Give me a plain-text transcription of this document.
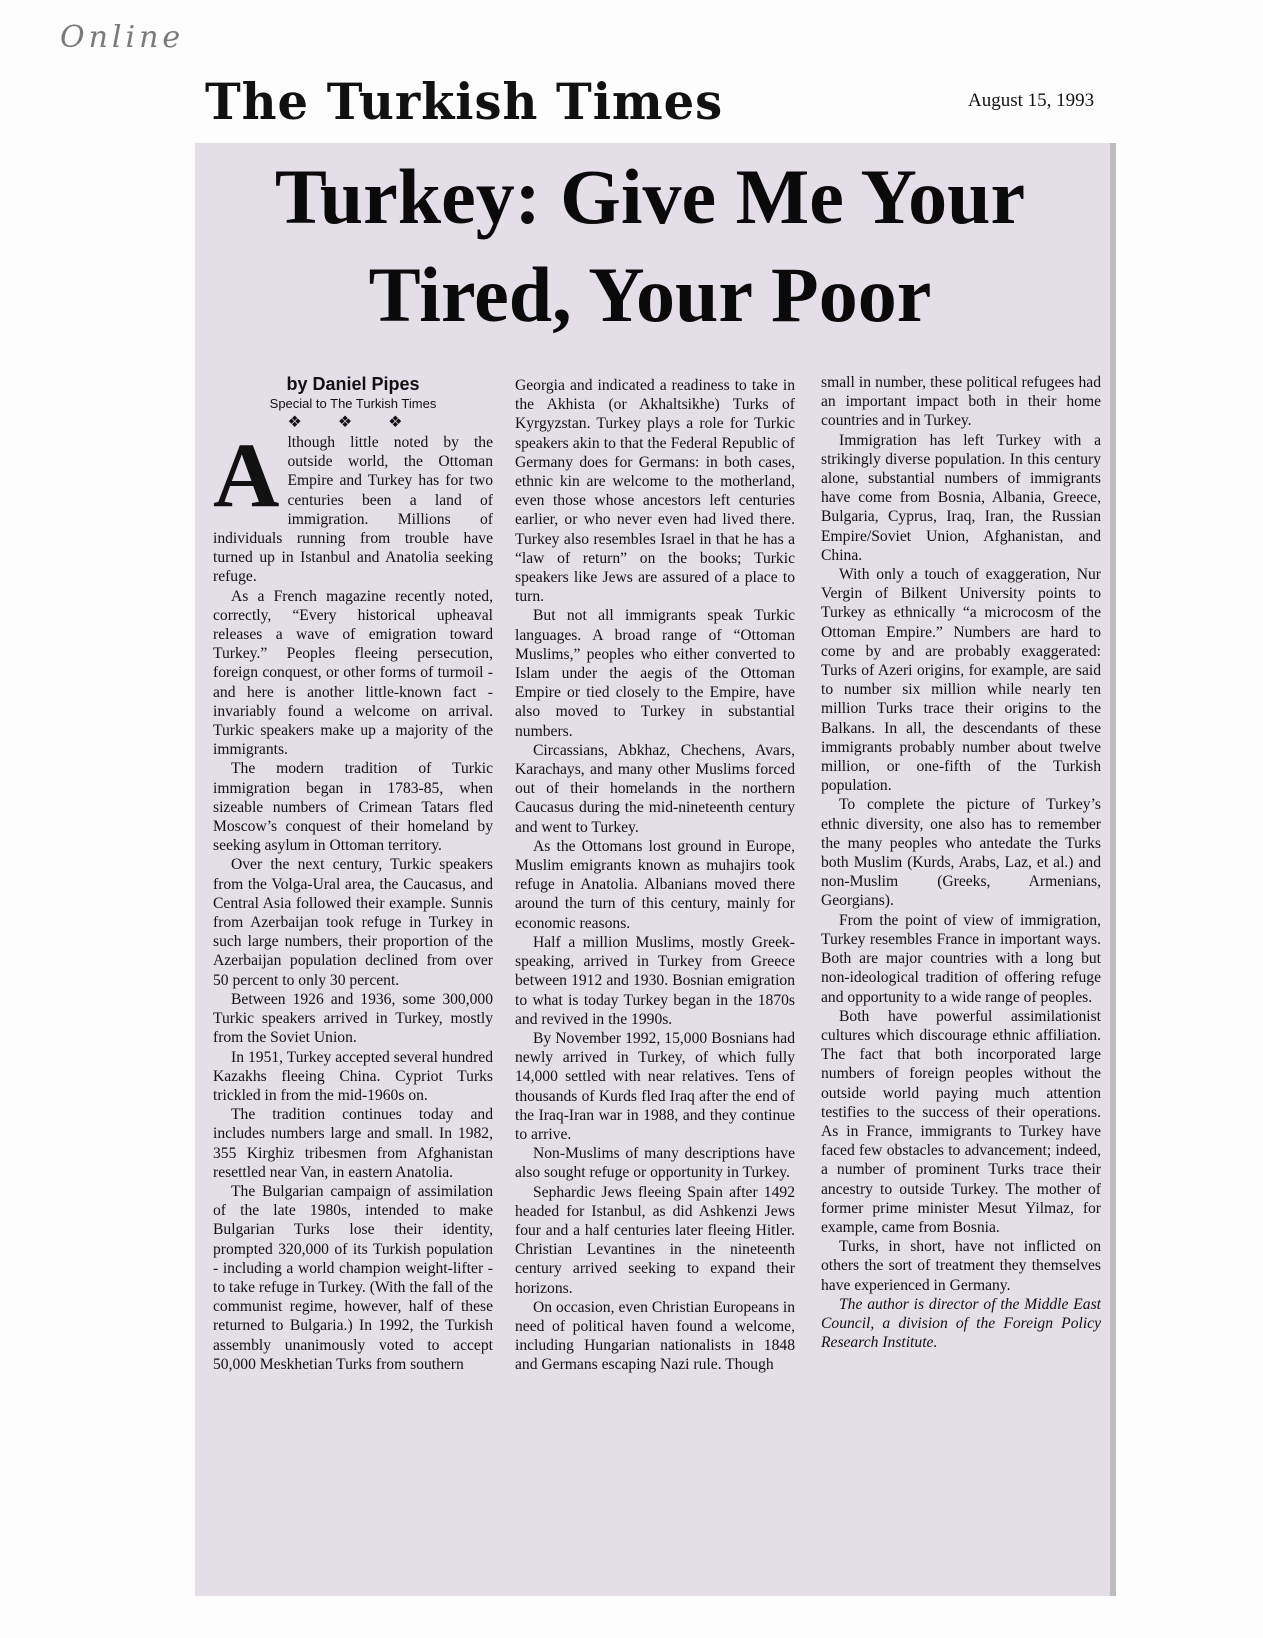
Online
The Turkish Times	August 15, 1993
Turkey: Give Me Your
Tired, Your Poor

by Daniel Pipes

Special to The Turkish Times

❖ ❖ ❖

Although little noted by the outside world, the Ottoman Empire and Turkey has for two centuries been a land of immigration. Millions of individuals running from trouble have turned up in Istanbul and Anatolia seeking refuge.

As a French magazine recently noted, correctly, “Every historical upheaval releases a wave of emigration toward Turkey.” Peoples fleeing persecution, foreign conquest, or other forms of turmoil - and here is another little-known fact - invariably found a welcome on arrival. Turkic speakers make up a majority of the immigrants.

The modern tradition of Turkic immigration began in 1783-85, when sizeable numbers of Crimean Tatars fled Moscow’s conquest of their homeland by seeking asylum in Ottoman territory.

Over the next century, Turkic speakers from the Volga-Ural area, the Caucasus, and Central Asia followed their example. Sunnis from Azerbaijan took refuge in Turkey in such large numbers, their proportion of the Azerbaijan population declined from over 50 percent to only 30 percent.

Between 1926 and 1936, some 300,000 Turkic speakers arrived in Turkey, mostly from the Soviet Union.

In 1951, Turkey accepted several hundred Kazakhs fleeing China. Cypriot Turks trickled in from the mid-1960s on.

The tradition continues today and includes numbers large and small. In 1982, 355 Kirghiz tribesmen from Afghanistan resettled near Van, in eastern Anatolia.

The Bulgarian campaign of assimilation of the late 1980s, intended to make Bulgarian Turks lose their identity, prompted 320,000 of its Turkish population - including a world champion weight-lifter - to take refuge in Turkey. (With the fall of the communist regime, however, half of these returned to Bulgaria.) In 1992, the Turkish assembly unanimously voted to accept 50,000 Meskhetian Turks from southern

Georgia and indicated a readiness to take in the Akhista (or Akhaltsikhe) Turks of Kyrgyzstan. Turkey plays a role for Turkic speakers akin to that the Federal Republic of Germany does for Germans: in both cases, ethnic kin are welcome to the motherland, even those whose ancestors left centuries earlier, or who never even had lived there. Turkey also resembles Israel in that he has a “law of return” on the books; Turkic speakers like Jews are assured of a place to turn.

But not all immigrants speak Turkic languages. A broad range of “Ottoman Muslims,” peoples who either converted to Islam under the aegis of the Ottoman Empire or tied closely to the Empire, have also moved to Turkey in substantial numbers.

Circassians, Abkhaz, Chechens, Avars, Karachays, and many other Muslims forced out of their homelands in the northern Caucasus during the mid-nineteenth century and went to Turkey.

As the Ottomans lost ground in Europe, Muslim emigrants known as muhajirs took refuge in Anatolia. Albanians moved there around the turn of this century, mainly for economic reasons.

Half a million Muslims, mostly Greek-speaking, arrived in Turkey from Greece between 1912 and 1930. Bosnian emigration to what is today Turkey began in the 1870s and revived in the 1990s.

By November 1992, 15,000 Bosnians had newly arrived in Turkey, of which fully 14,000 settled with near relatives. Tens of thousands of Kurds fled Iraq after the end of the Iraq-Iran war in 1988, and they continue to arrive.

Non-Muslims of many descriptions have also sought refuge or opportunity in Turkey.

Sephardic Jews fleeing Spain after 1492 headed for Istanbul, as did Ashkenzi Jews four and a half centuries later fleeing Hitler. Christian Levantines in the nineteenth century arrived seeking to expand their horizons.

On occasion, even Christian Europeans in need of political haven found a welcome, including Hungarian nationalists in 1848 and Germans escaping Nazi rule. Though

small in number, these political refugees had an important impact both in their home countries and in Turkey.

Immigration has left Turkey with a strikingly diverse population. In this century alone, substantial numbers of immigrants have come from Bosnia, Albania, Greece, Bulgaria, Cyprus, Iraq, Iran, the Russian Empire/Soviet Union, Afghanistan, and China.

With only a touch of exaggeration, Nur Vergin of Bilkent University points to Turkey as ethnically “a microcosm of the Ottoman Empire.” Numbers are hard to come by and are probably exaggerated: Turks of Azeri origins, for example, are said to number six million while nearly ten million Turks trace their origins to the Balkans. In all, the descendants of these immigrants probably number about twelve million, or one-fifth of the Turkish population.

To complete the picture of Turkey’s ethnic diversity, one also has to remember the many peoples who antedate the Turks both Muslim (Kurds, Arabs, Laz, et al.) and non-Muslim (Greeks, Armenians, Georgians).

From the point of view of immigration, Turkey resembles France in important ways. Both are major countries with a long but non-ideological tradition of offering refuge and opportunity to a wide range of peoples.

Both have powerful assimilationist cultures which discourage ethnic affiliation. The fact that both incorporated large numbers of foreign peoples without the outside world paying much attention testifies to the success of their operations. As in France, immigrants to Turkey have faced few obstacles to advancement; indeed, a number of prominent Turks trace their ancestry to outside Turkey. The mother of former prime minister Mesut Yilmaz, for example, came from Bosnia.

Turks, in short, have not inflicted on others the sort of treatment they themselves have experienced in Germany.

The author is director of the Middle East Council, a division of the Foreign Policy Research Institute.
